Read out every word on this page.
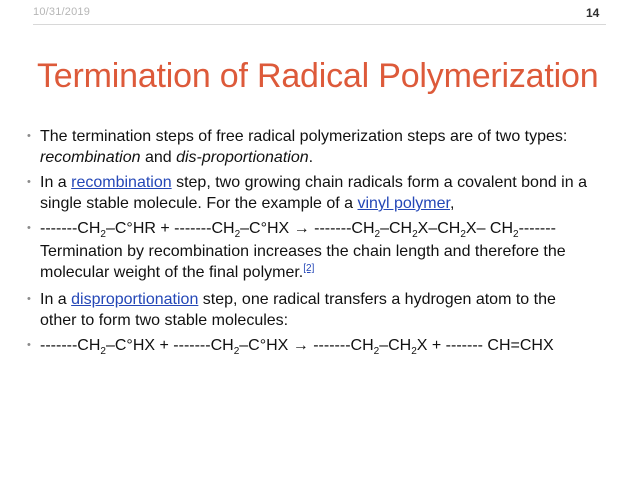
10/31/2019	14
Termination of Radical Polymerization

• The termination steps of free radical polymerization steps are of two types: recombination and dis-proportionation.

• In a recombination step, two growing chain radicals form a covalent bond in a single stable molecule. For the example of a vinyl polymer,

• $-------CH_2-C^\circ HR + -------CH_2-C^\circ HX \to -------CH_2-CH_2X-CH_2X-$ $CH_2-------$ Termination by recombination increases the chain length and therefore the molecular weight of the final polymer.[2]

• In a disproportionation step, one radical transfers a hydrogen atom to the other to form two stable molecules:

• $-------CH_2-C^\circ HX + -------CH_2-C^\circ HX \to -------CH_2-CH_2X$ + ------- CH=CHX
